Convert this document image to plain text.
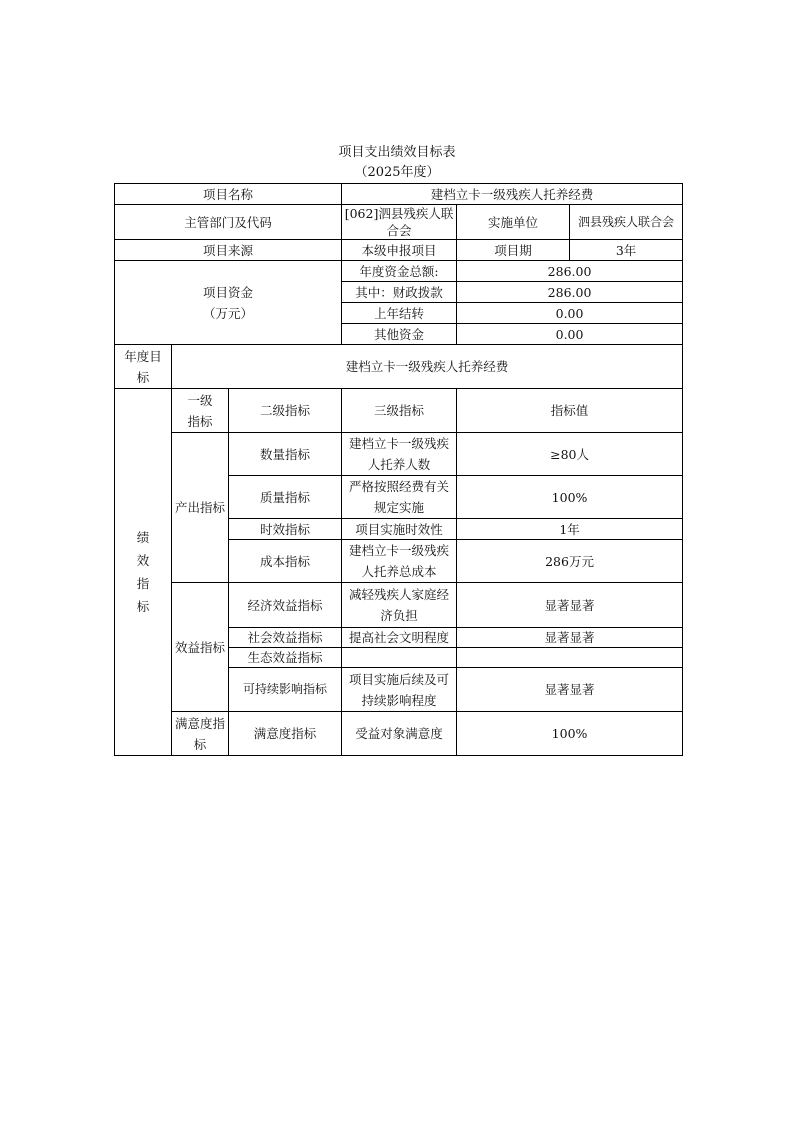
项目支出绩效目标表
（2025年度）
项目名称			建档立卡一级残疾人托养经费		
主管部门及代码			[062]泗县残疾人联合会	实施单位	泗县残疾人联合会
项目来源			本级申报项目	项目期	3年
项目资金
（万元）			年度资金总额:	286.00	
			其中：财政拨款	286.00	
			上年结转	0.00	
			其他资金	0.00	
年度目标	建档立卡一级残疾人托养经费				
绩效指标	一级指标	二级指标	三级指标	指标值	
	产出指标	数量指标	建档立卡一级残疾人托养人数	≥80人	
		质量指标	严格按照经费有关规定实施	100%	
		时效指标	项目实施时效性	1年	
		成本指标	建档立卡一级残疾人托养总成本	286万元	
	效益指标	经济效益指标	减轻残疾人家庭经济负担	显著显著	
		社会效益指标	提高社会文明程度	显著显著	
		生态效益指标			
		可持续影响指标	项目实施后续及可持续影响程度	显著显著	
	满意度指标	满意度指标	受益对象满意度	100%	
